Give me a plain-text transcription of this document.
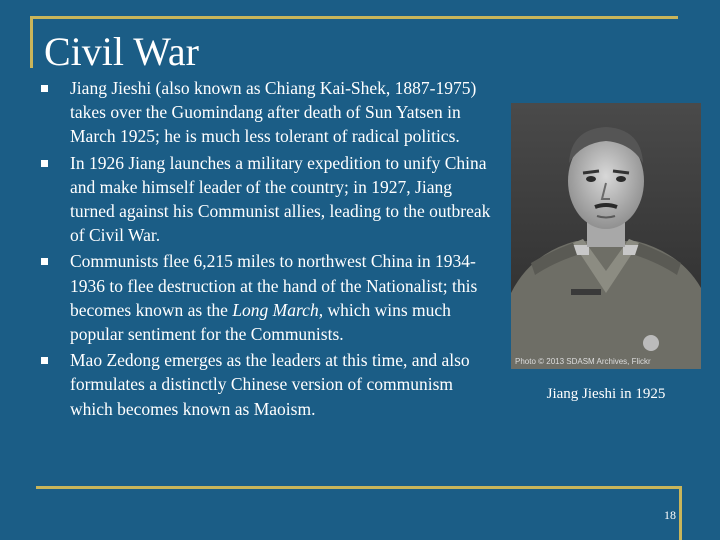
Civil War
Jiang Jieshi (also known as Chiang Kai-Shek, 1887-1975) takes over the Guomindang after death of Sun Yatsen in March 1925; he is much less tolerant of radical politics.
In 1926 Jiang launches a military expedition to unify China and make himself leader of the country; in 1927, Jiang turned against his Communist allies, leading to the outbreak of Civil War.
Communists flee 6,215 miles to northwest China in 1934-1936 to flee destruction at the hand of the Nationalist; this becomes known as the Long March, which wins much popular sentiment for the Communists.
Mao Zedong emerges as the leaders at this time, and also formulates a distinctly Chinese version of communism which becomes known as Maoism.
Photo © 2013 SDASM Archives, Flickr
Jiang Jieshi in 1925
18
